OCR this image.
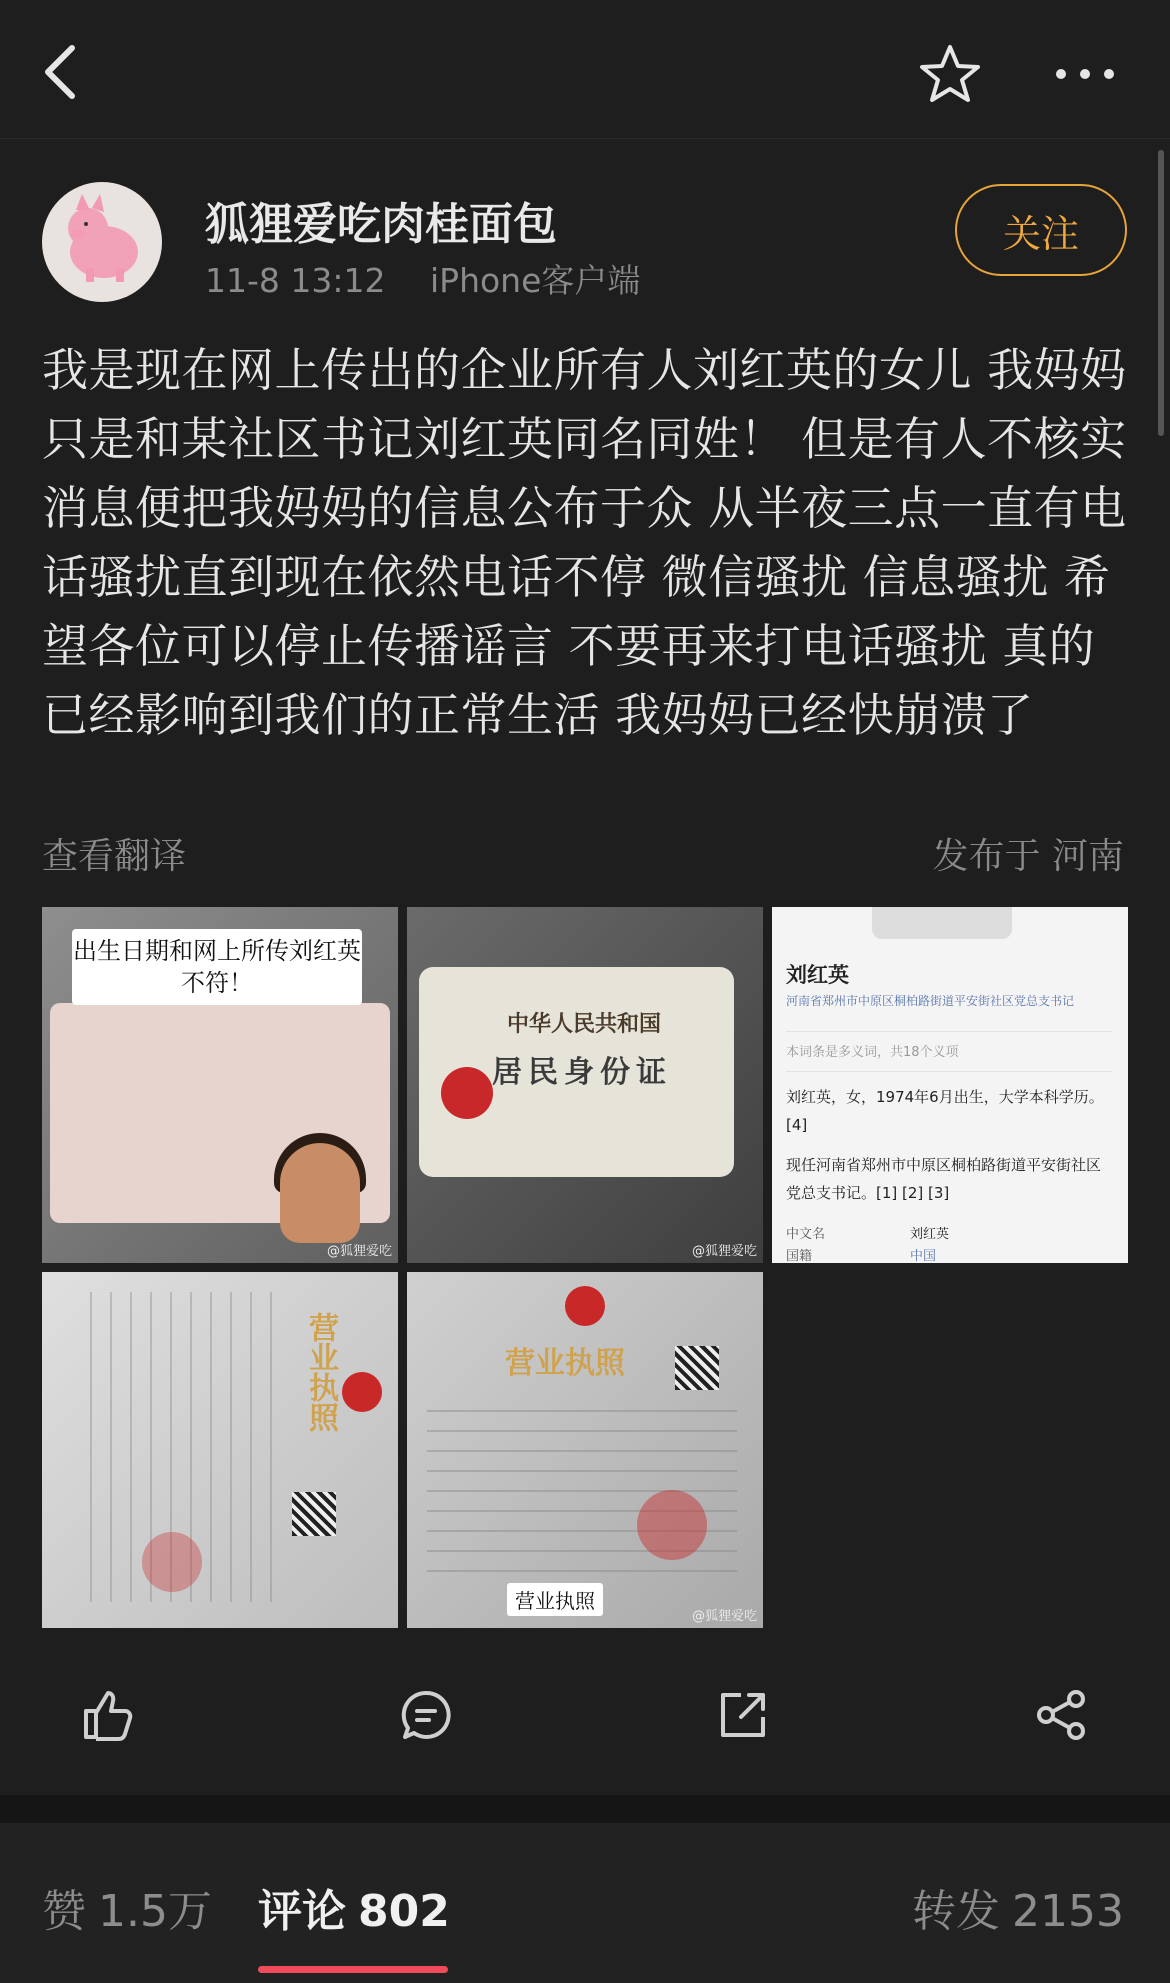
狐狸爱吃肉桂面包
11-8 13:12 iPhone客户端
关注
我是现在网上传出的企业所有人刘红英的女儿 我妈妈只是和某社区书记刘红英同名同姓！ 但是有人不核实消息便把我妈妈的信息公布于众 从半夜三点一直有电话骚扰直到现在依然电话不停 微信骚扰 信息骚扰 希望各位可以停止传播谣言 不要再来打电话骚扰 真的已经影响到我们的正常生活 我妈妈已经快崩溃了
查看翻译	发布于 河南
出生日期和网上所传刘红英不符！
@狐狸爱吃
中华人民共和国
居民身份证
@狐狸爱吃
刘红英
河南省郑州市中原区桐柏路街道平安街社区党总支书记
本词条是多义词，共18个义项
刘红英，女，1974年6月出生，大学本科学历。[4]
现任河南省郑州市中原区桐柏路街道平安街社区党总支书记。[1] [2] [3]
中文名	刘红英
国籍	中国
营业执照	营业执照
营业执照
@狐狸爱吃
赞 1.5万 评论 802	转发 2153
